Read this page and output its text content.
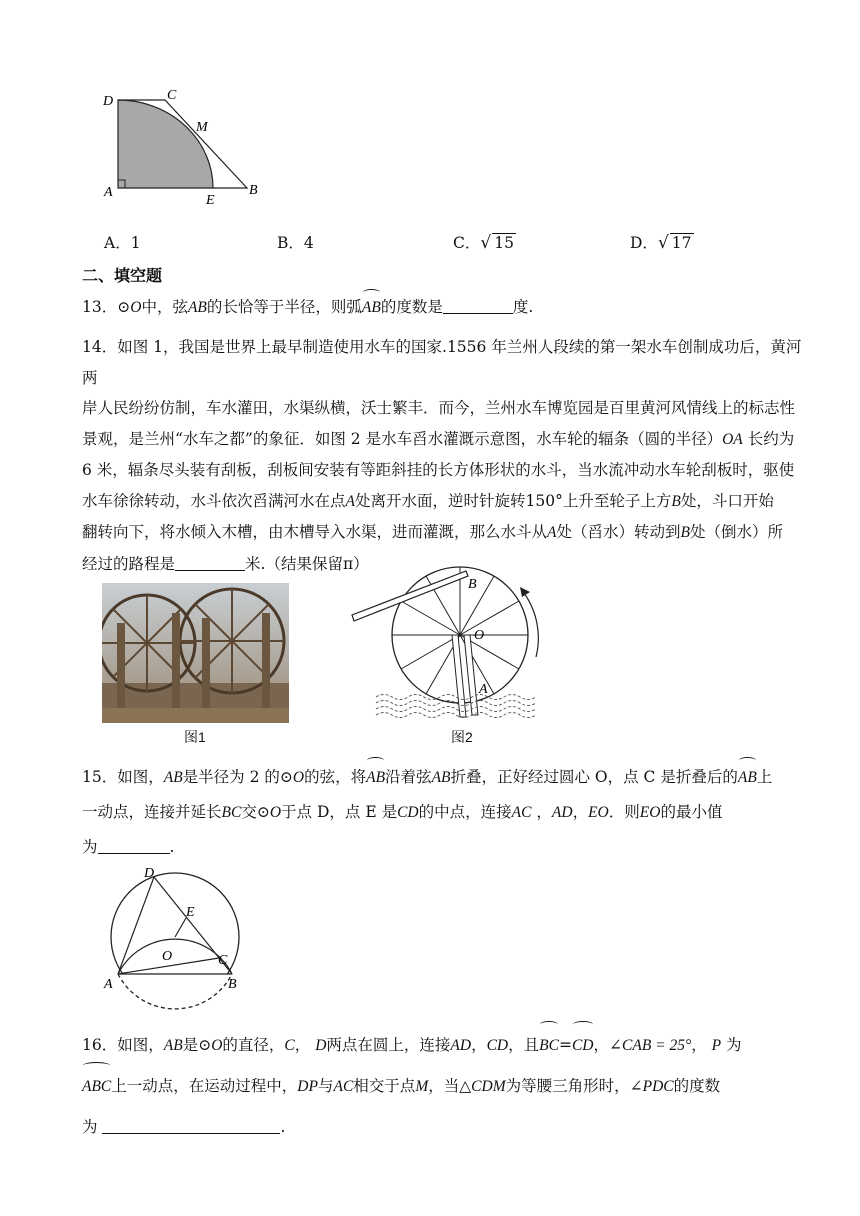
D	C
M
A
E
B
A．1	B．4	C．√ 15	D．√ 17
二、填空题
13．⊙O中，弦AB的长恰等于半径，则弧AB的度数是	度.
14．如图 1，我国是世界上最早制造使用水车的国家.1556 年兰州人段续的第一架水车创制成功后，黄河两
岸人民纷纷仿制，车水灌田，水渠纵横，沃士繁丰．而今，兰州水车博览园是百里黄河风情线上的标志性
景观，是兰州“水车之都”的象征．如图 2 是水车舀水灌溉示意图，水车轮的辐条（圆的半径）OA 长约为
6 米，辐条尽头装有刮板，刮板间安装有等距斜挂的长方体形状的水斗，当水流冲动水车轮刮板时，驱使
水车徐徐转动，水斗依次舀满河水在点A处离开水面，逆时针旋转150°上升至轮子上方B处，斗口开始
翻转向下，将水倾入木槽，由木槽导入水渠，进而灌溉，那么水斗从A处（舀水）转动到B处（倒水）所
经过的路程是	米.（结果保留π）
图1
B
O
A
图2
15．如图，AB是半径为 2 的⊙O的弦，将AB沿着弦AB折叠，正好经过圆心 O，点 C 是折叠后的AB上
一动点，连接并延长BC交⊙O于点 D，点 E 是CD的中点，连接AC ，AD，EO．则EO的最小值
为	.
D
E
O	C
A	B
16．如图，AB是⊙O的直径，C， D两点在圆上，连接AD，CD，且BC=CD，∠CAB = 25°， P 为
ABC上一动点，在运动过程中，DP与AC相交于点M，当△CDM为等腰三角形时，∠PDC的度数
为	.
